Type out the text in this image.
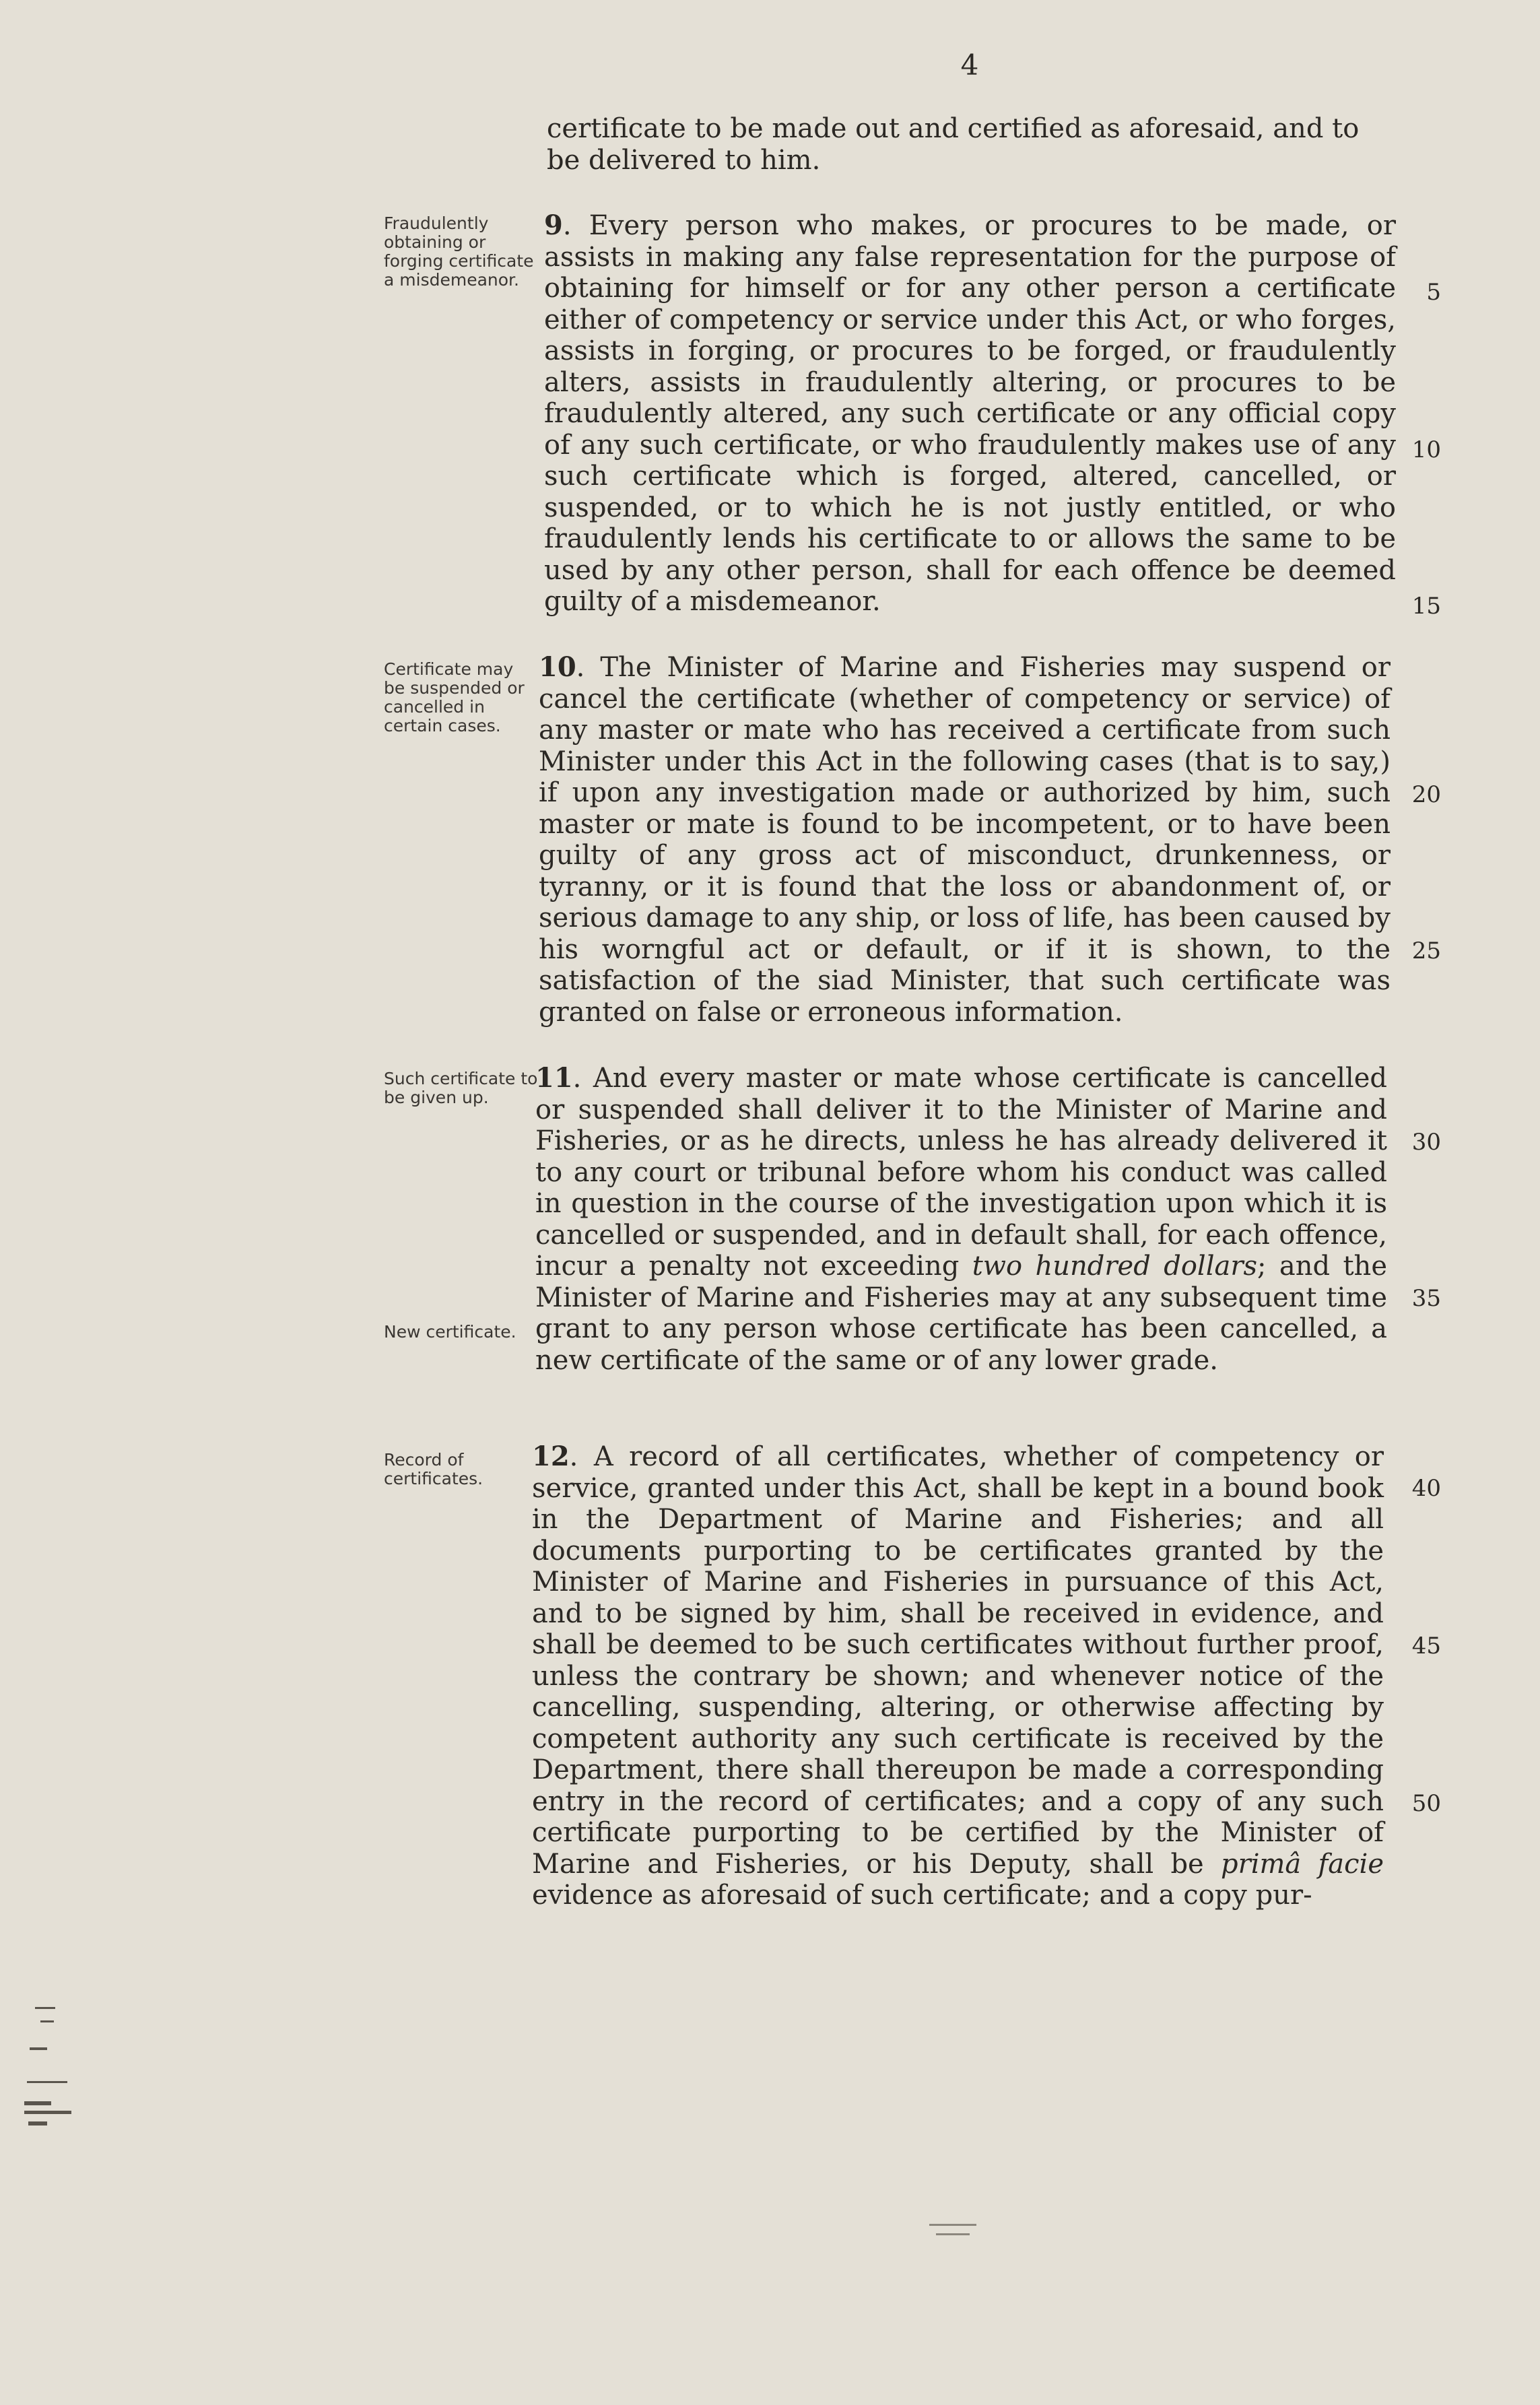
4

certificate to be made out and certified as aforesaid, and to be delivered to him.

Fraudulently obtaining or forging certificate a misdemeanor.

9. Every person who makes, or procures to be made, or assists in making any false representation for the purpose of obtaining for himself or for any other person a certificate either of competency or service under this Act, or who forges, assists in forging, or procures to be forged, or fraudulently alters, assists in fraudulently altering, or procures to be fraudulently altered, any such certificate or any official copy of any such certificate, or who fraudulently makes use of any such certificate which is forged, altered, cancelled, or suspended, or to which he is not justly entitled, or who fraudulently lends his certificate to or allows the same to be used by any other person, shall for each offence be deemed guilty of a misdemeanor.

Certificate may be suspended or cancelled in certain cases.

10. The Minister of Marine and Fisheries may suspend or cancel the certificate (whether of competency or service) of any master or mate who has received a certificate from such Minister under this Act in the following cases (that is to say,) if upon any investigation made or authorized by him, such master or mate is found to be incompetent, or to have been guilty of any gross act of misconduct, drunkenness, or tyranny, or it is found that the loss or abandonment of, or serious damage to any ship, or loss of life, has been caused by his worngful act or default, or if it is shown, to the satisfaction of the siad Minister, that such certificate was granted on false or erroneous information.

Such certificate to be given up.

New certificate.

11. And every master or mate whose certificate is cancelled or suspended shall deliver it to the Minister of Marine and Fisheries, or as he directs, unless he has already delivered it to any court or tribunal before whom his conduct was called in question in the course of the investigation upon which it is cancelled or suspended, and in default shall, for each offence, incur a penalty not exceeding two hundred dollars; and the Minister of Marine and Fisheries may at any subsequent time grant to any person whose certificate has been cancelled, a new certificate of the same or of any lower grade.

Record of certificates.

12. A record of all certificates, whether of competency or service, granted under this Act, shall be kept in a bound book in the Department of Marine and Fisheries; and all documents purporting to be certificates granted by the Minister of Marine and Fisheries in pursuance of this Act, and to be signed by him, shall be received in evidence, and shall be deemed to be such certificates without further proof, unless the contrary be shown; and whenever notice of the cancelling, suspending, altering, or otherwise affecting by competent authority any such certificate is received by the Department, there shall thereupon be made a corresponding entry in the record of certificates; and a copy of any such certificate purporting to be certified by the Minister of Marine and Fisheries, or his Deputy, shall be primâ facie evidence as aforesaid of such certificate; and a copy pur-

5
10
15
20
25
30
35
40
45
50
